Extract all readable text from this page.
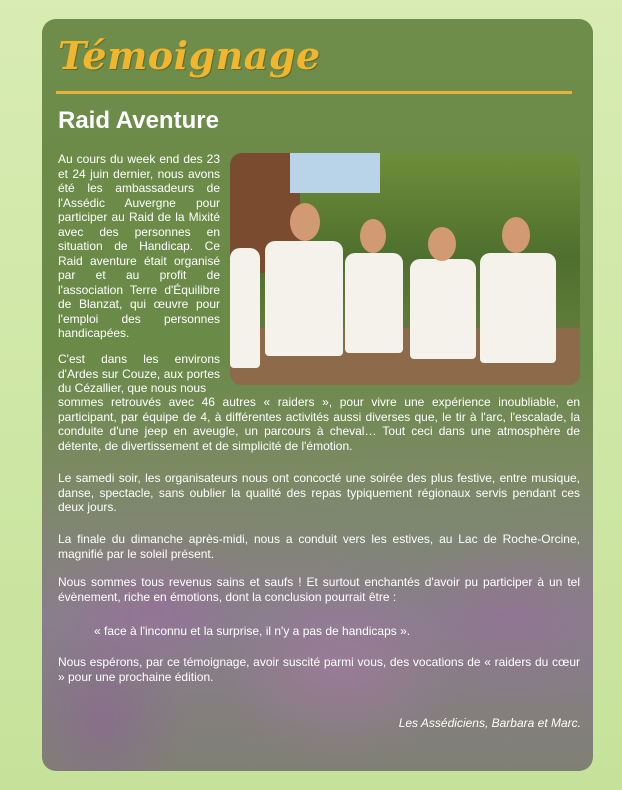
Témoignage
Raid Aventure

Au cours du week end des 23 et 24 juin dernier, nous avons été les ambassadeurs de l'Assédic Auvergne pour participer au Raid de la Mixité avec des personnes en situation de Handicap. Ce Raid aventure était organisé par et au profit de l'association Terre d'Équilibre de Blanzat, qui œuvre pour l'emploi des personnes handicapées.

C'est dans les environs d'Ardes sur Couze, aux portes du Cézallier, que nous nous

sommes retrouvés avec 46 autres « raiders », pour vivre une expérience inoubliable, en participant, par équipe de 4, à différentes activités aussi diverses que, le tir à l'arc, l'escalade, la conduite d'une jeep en aveugle, un parcours à cheval… Tout ceci dans une atmosphère de détente, de divertissement et de simplicité de l'émotion.

Le samedi soir, les organisateurs nous ont concocté une soirée des plus festive, entre musique, danse, spectacle, sans oublier la qualité des repas typiquement régionaux servis pendant ces deux jours.

La finale du dimanche après-midi, nous a conduit vers les estives, au Lac de Roche-Orcine, magnifié par le soleil présent.

Nous sommes tous revenus sains et saufs ! Et surtout enchantés d'avoir pu participer à un tel évènement, riche en émotions, dont la conclusion pourrait être :

« face à l'inconnu et la surprise, il n'y a pas de handicaps ».

Nous espérons, par ce témoignage, avoir suscité parmi vous, des vocations de « raiders du cœur » pour une prochaine édition.

Les Assédiciens, Barbara et Marc.
